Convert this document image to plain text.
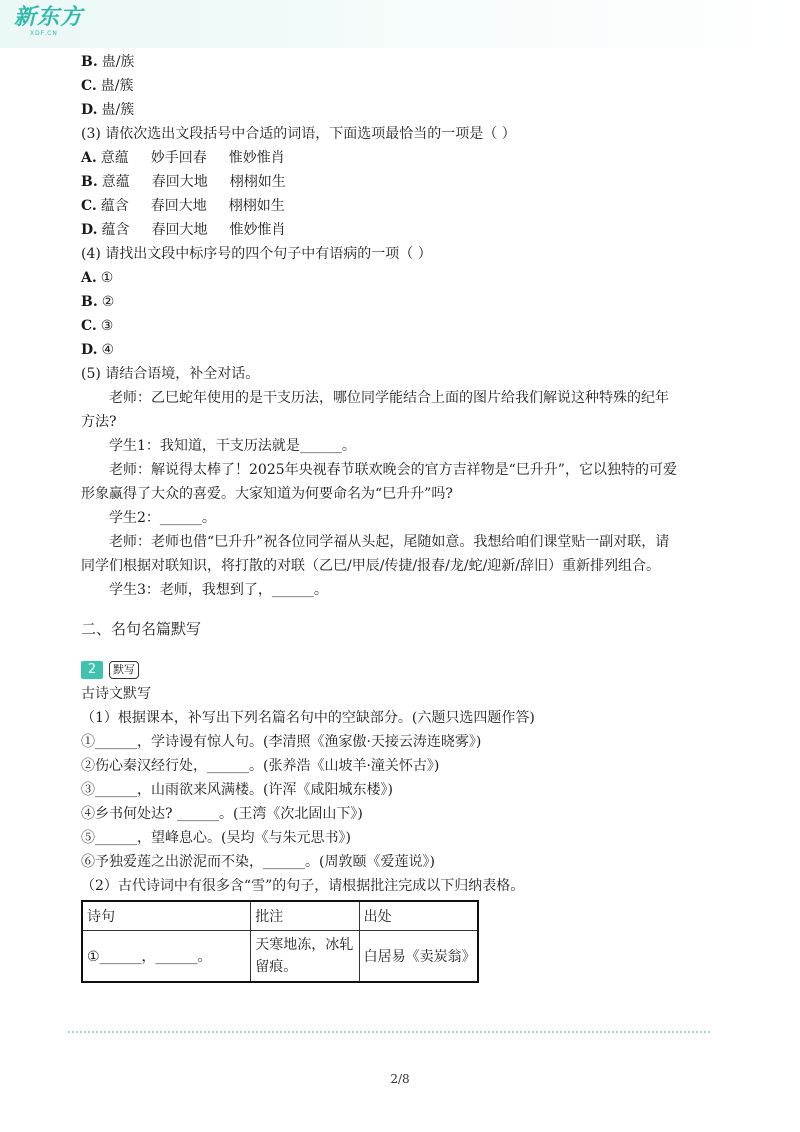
新东方
XDF.CN
B. 蛊/族
C. 蛊/簇
D. 蛊/簇
(3) 请依次选出文段括号中合适的词语，下面选项最恰当的一项是（ ）
A. 意蕴 妙手回春 惟妙惟肖
B. 意蕴 春回大地 栩栩如生
C. 蕴含 春回大地 栩栩如生
D. 蕴含 春回大地 惟妙惟肖
(4) 请找出文段中标序号的四个句子中有语病的一项（ ）
A. ①
B. ②
C. ③
D. ④
(5) 请结合语境，补全对话。
老师：乙巳蛇年使用的是干支历法，哪位同学能结合上面的图片给我们解说这种特殊的纪年
方法?
学生1：我知道，干支历法就是______。
老师：解说得太棒了！2025年央视春节联欢晚会的官方吉祥物是“巳升升”，它以独特的可爱
形象赢得了大众的喜爱。大家知道为何要命名为“巳升升”吗?
学生2：______。
老师：老师也借“巳升升”祝各位同学福从头起，尾随如意。我想给咱们课堂贴一副对联，请
同学们根据对联知识，将打散的对联（乙巳/甲辰/传捷/报春/龙/蛇/迎新/辞旧）重新排列组合。
学生3：老师，我想到了，______。
二、名句名篇默写
2	默写
古诗文默写
（1）根据课本，补写出下列名篇名句中的空缺部分。(六题只选四题作答)
①______，学诗谩有惊人句。(李清照《渔家傲·天接云涛连晓雾》)
②伤心秦汉经行处，______。(张养浩《山坡羊·潼关怀古》)
③______，山雨欲来风满楼。(许浑《咸阳城东楼》)
④乡书何处达? ______。(王湾《次北固山下》)
⑤______，望峰息心。(吴均《与朱元思书》)
⑥予独爱莲之出淤泥而不染，______。(周敦颐《爱莲说》)
（2）古代诗词中有很多含“雪”的句子，请根据批注完成以下归纳表格。
诗句	批注	出处
①______，______。	天寒地冻，冰轧留痕。	白居易《卖炭翁》
2/8
